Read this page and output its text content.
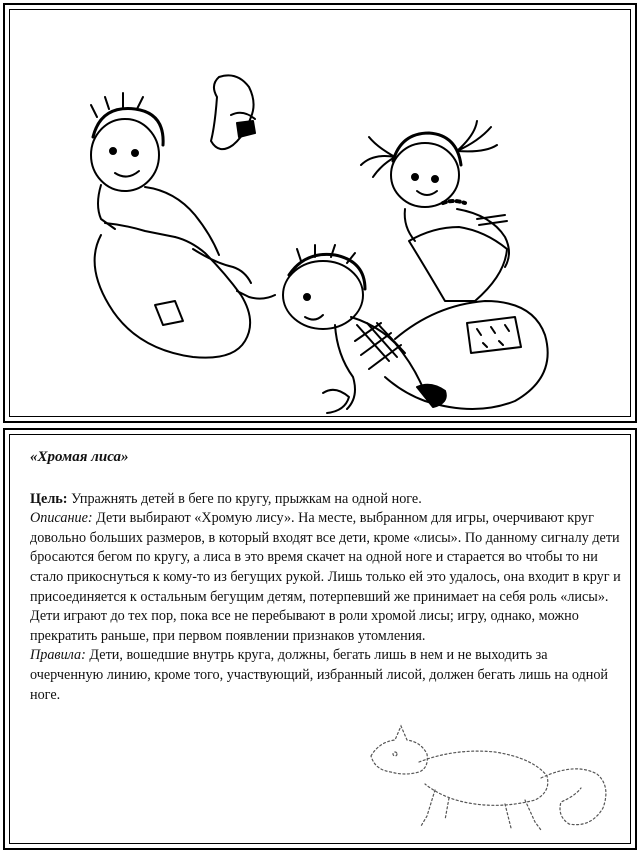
«Хромая лиса»

Цель: Упражнять детей в беге по кругу, прыжкам на одной ноге.

Описание: Дети выбирают «Хромую лису». На месте, выбранном для игры, очерчивают круг довольно больших размеров, в который входят все дети, кроме «лисы». По данному сигналу дети бросаются бегом по кругу, а лиса в это время скачет на одной ноге и старается во чтобы то ни стало прикоснуться к кому-то из бегущих рукой. Лишь только ей это удалось, она входит в круг и присоединяется к остальным бегущим детям, потерпевший же принимает на себя роль «лисы».

Дети играют до тех пор, пока все не перебывают в роли хромой лисы; игру, однако, можно прекратить раньше, при первом появлении признаков утомления.

Правила: Дети, вошедшие внутрь круга, должны, бегать лишь в нем и не выходить за очерченную линию, кроме того, участвующий, избранный лисой, должен бегать лишь на одной ноге.
